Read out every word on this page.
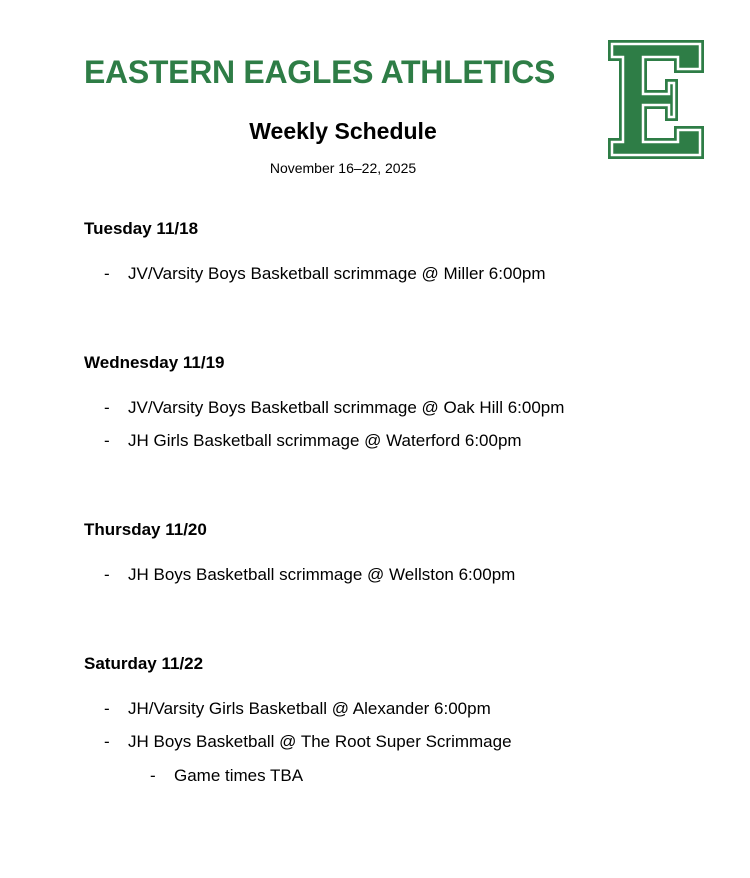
EASTERN EAGLES ATHLETICS
Weekly Schedule
November 16–22, 2025
Tuesday 11/18
- JV/Varsity Boys Basketball scrimmage @ Miller 6:00pm
Wednesday 11/19
- JV/Varsity Boys Basketball scrimmage @ Oak Hill 6:00pm
- JH Girls Basketball scrimmage @ Waterford 6:00pm
Thursday 11/20
- JH Boys Basketball scrimmage @ Wellston 6:00pm
Saturday 11/22
- JH/Varsity Girls Basketball @ Alexander 6:00pm
- JH Boys Basketball @ The Root Super Scrimmage
- Game times TBA
